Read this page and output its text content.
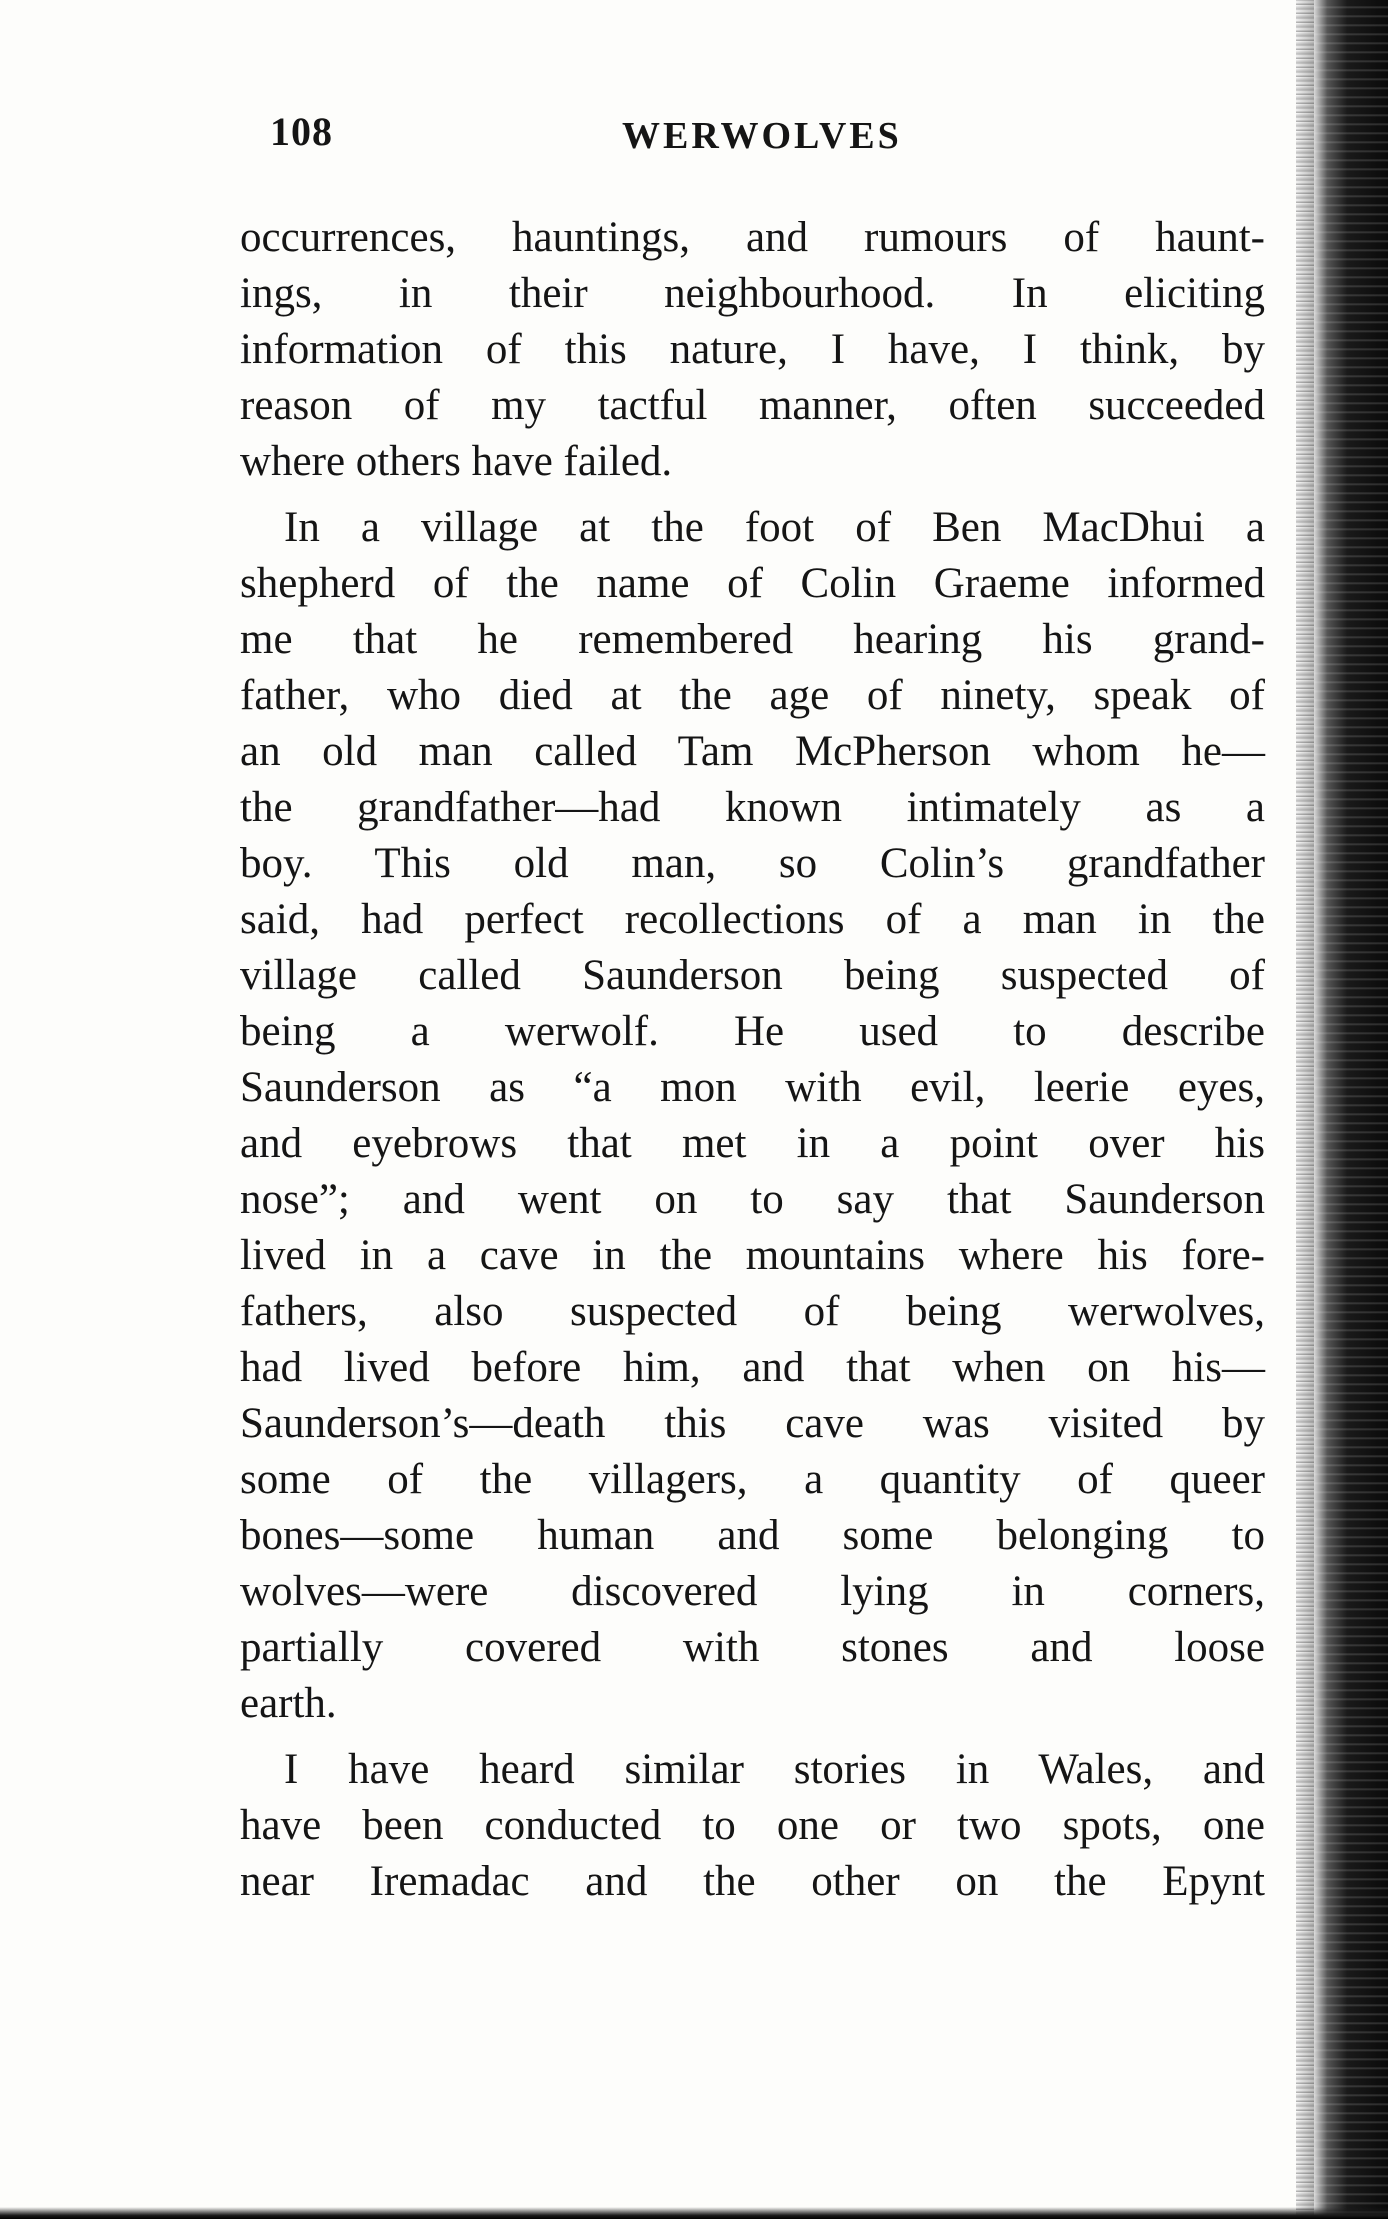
108	WERWOLVES
occurrences, hauntings, and rumours of haunt-
ings, in their neighbourhood. In eliciting
information of this nature, I have, I think, by
reason of my tactful manner, often succeeded
where others have failed.
In a village at the foot of Ben MacDhui a
shepherd of the name of Colin Graeme informed
me that he remembered hearing his grand-
father, who died at the age of ninety, speak of
an old man called Tam McPherson whom he—
the grandfather—had known intimately as a
boy. This old man, so Colin’s grandfather
said, had perfect recollections of a man in the
village called Saunderson being suspected of
being a werwolf. He used to describe
Saunderson as “a mon with evil, leerie eyes,
and eyebrows that met in a point over his
nose”; and went on to say that Saunderson
lived in a cave in the mountains where his fore-
fathers, also suspected of being werwolves,
had lived before him, and that when on his—
Saunderson’s—death this cave was visited by
some of the villagers, a quantity of queer
bones—some human and some belonging to
wolves—were discovered lying in corners,
partially covered with stones and loose
earth.
I have heard similar stories in Wales, and
have been conducted to one or two spots, one
near Iremadac and the other on the Epynt
